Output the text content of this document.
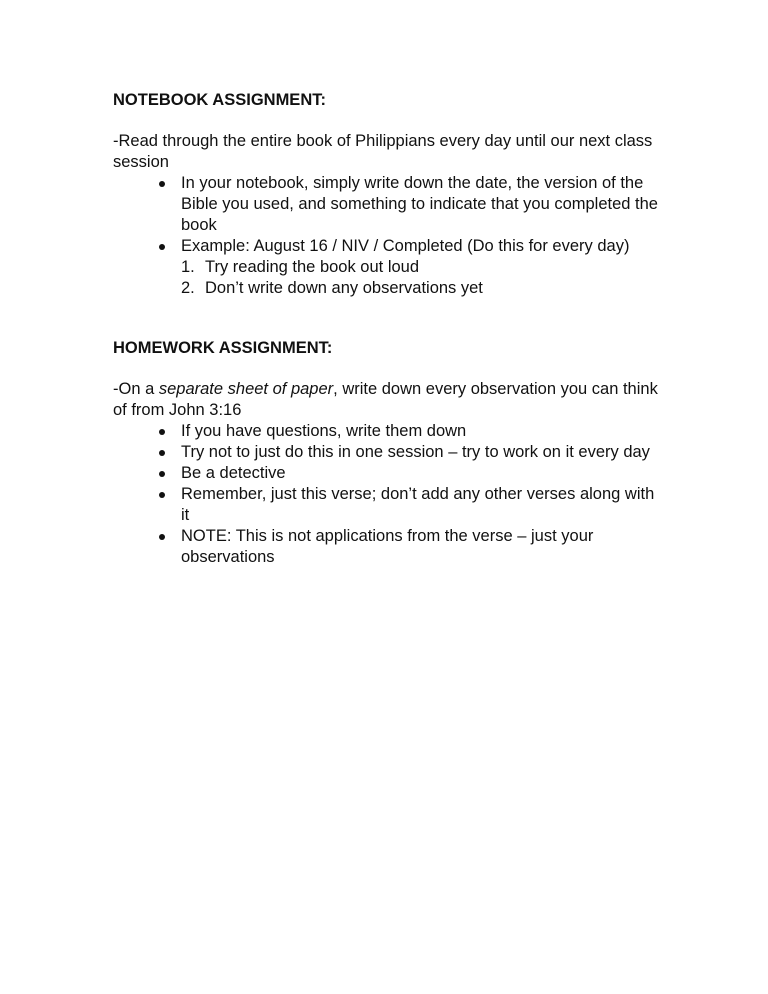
NOTEBOOK ASSIGNMENT:

-Read through the entire book of Philippians every day until our next class session

In your notebook, simply write down the date, the version of the Bible you used, and something to indicate that you completed the book
Example: August 16 / NIV / Completed (Do this for every day)
1. Try reading the book out loud
2. Don’t write down any observations yet

HOMEWORK ASSIGNMENT:

-On a separate sheet of paper, write down every observation you can think of from John 3:16

If you have questions, write them down
Try not to just do this in one session – try to work on it every day
Be a detective
Remember, just this verse; don’t add any other verses along with it
NOTE: This is not applications from the verse – just your observations
